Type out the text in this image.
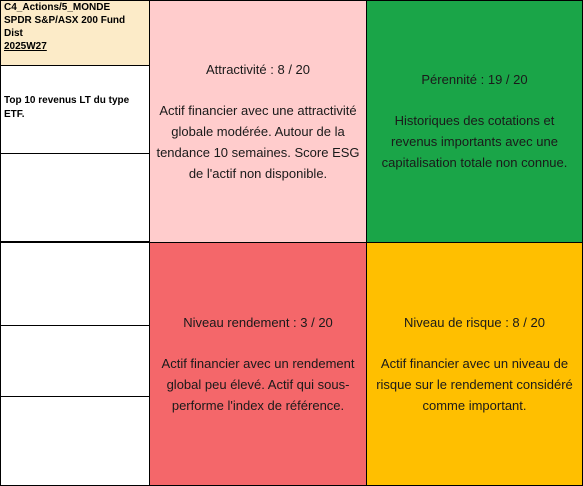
C4_Actions/5_MONDE
SPDR S&P/ASX 200 Fund
Dist
2025W27
Top 10 revenus LT du type ETF.
Attractivité : 8 / 20
Actif financier avec une attractivité globale modérée. Autour de la tendance 10 semaines. Score ESG de l'actif non disponible.
Pérennité : 19 / 20
Historiques des cotations et revenus importants avec une capitalisation totale non connue.
Niveau rendement : 3 / 20
Actif financier avec un rendement global peu élevé. Actif qui sous-performe l'index de référence.
Niveau de risque : 8 / 20
Actif financier avec un niveau de risque sur le rendement considéré comme important.
